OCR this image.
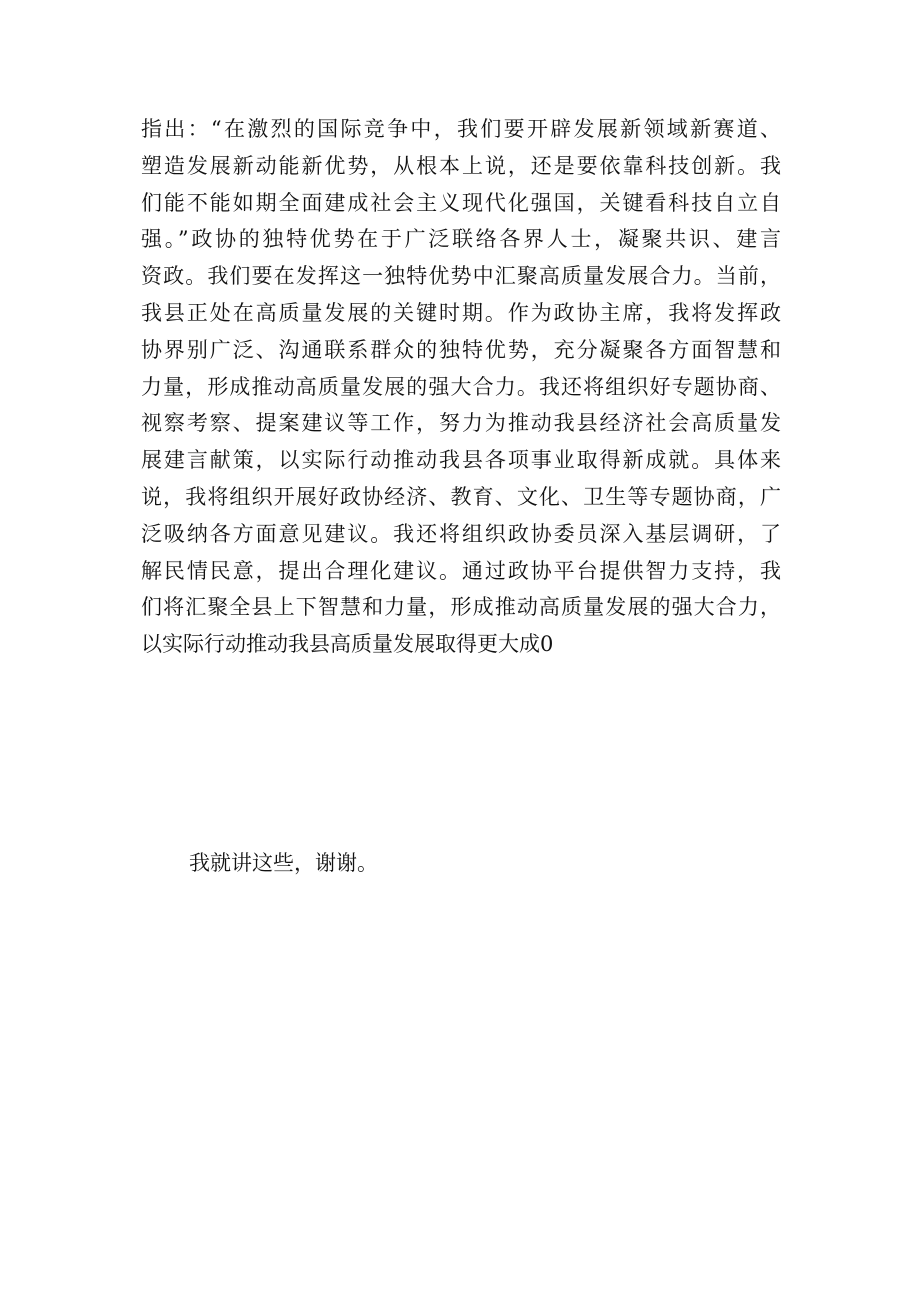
指出：“在激烈的国际竞争中，我们要开辟发展新领域新赛道、
塑造发展新动能新优势，从根本上说，还是要依靠科技创新。我
们能不能如期全面建成社会主义现代化强国，关键看科技自立自
强。”政协的独特优势在于广泛联络各界人士，凝聚共识、建言
资政。我们要在发挥这一独特优势中汇聚高质量发展合力。当前，
我县正处在高质量发展的关键时期。作为政协主席，我将发挥政
协界别广泛、沟通联系群众的独特优势，充分凝聚各方面智慧和
力量，形成推动高质量发展的强大合力。我还将组织好专题协商、
视察考察、提案建议等工作，努力为推动我县经济社会高质量发
展建言献策，以实际行动推动我县各项事业取得新成就。具体来
说，我将组织开展好政协经济、教育、文化、卫生等专题协商，广
泛吸纳各方面意见建议。我还将组织政协委员深入基层调研，了
解民情民意，提出合理化建议。通过政协平台提供智力支持，我
们将汇聚全县上下智慧和力量，形成推动高质量发展的强大合力，
以实际行动推动我县高质量发展取得更大成0

我就讲这些，谢谢。
